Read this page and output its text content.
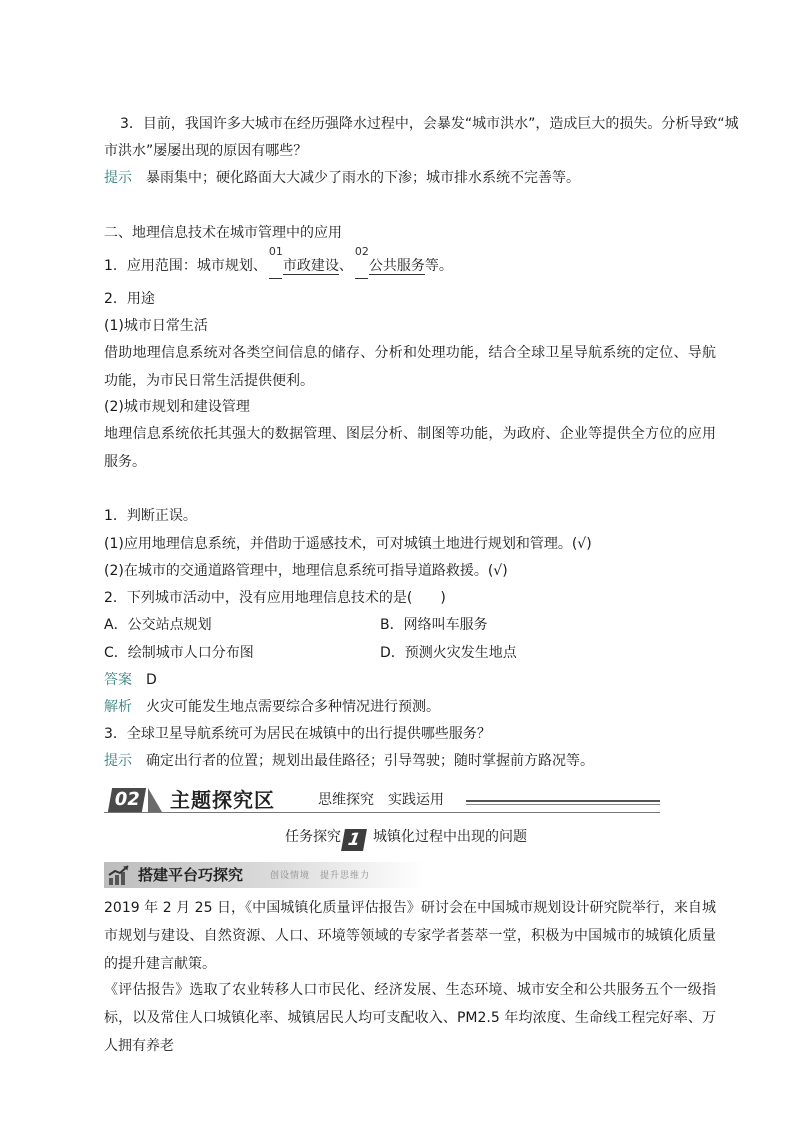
3．目前，我国许多大城市在经历强降水过程中，会暴发“城市洪水”，造成巨大的损失。分析导致“城

市洪水”屡屡出现的原因有哪些？

提示 暴雨集中；硬化路面大大减少了雨水的下渗；城市排水系统不完善等。

二、地理信息技术在城市管理中的应用

1．应用范围：城市规划、
01
市政建设、
02
公共服务等。

2．用途

(1)城市日常生活

借助地理信息系统对各类空间信息的储存、分析和处理功能，结合全球卫星导航系统的定位、导航功能，为市民日常生活提供便利。

(2)城市规划和建设管理

地理信息系统依托其强大的数据管理、图层分析、制图等功能，为政府、企业等提供全方位的应用服务。

1．判断正误。

(1)应用地理信息系统，并借助于遥感技术，可对城镇土地进行规划和管理。(√)

(2)在城市的交通道路管理中，地理信息系统可指导道路救援。(√)

2．下列城市活动中，没有应用地理信息技术的是(　　)

A．公交站点规划	B．网络叫车服务

C．绘制城市人口分布图	D．预测火灾发生地点

答案 D

解析 火灾可能发生地点需要综合多种情况进行预测。

3．全球卫星导航系统可为居民在城镇中的出行提供哪些服务？

提示 确定出行者的位置；规划出最佳路径；引导驾驶；随时掌握前方路况等。

02 主题探究区	思维探究　实践运用
任务探究 1 城镇化过程中出现的问题
搭建平台巧探究	创设情境　提升思维力

2019 年 2 月 25 日，《中国城镇化质量评估报告》研讨会在中国城市规划设计研究院举行，来自城市规划与建设、自然资源、人口、环境等领域的专家学者荟萃一堂，积极为中国城市的城镇化质量的提升建言献策。

《评估报告》选取了农业转移人口市民化、经济发展、生态环境、城市安全和公共服务五个一级指标，以及常住人口城镇化率、城镇居民人均可支配收入、PM2.5 年均浓度、生命线工程完好率、万人拥有养老
